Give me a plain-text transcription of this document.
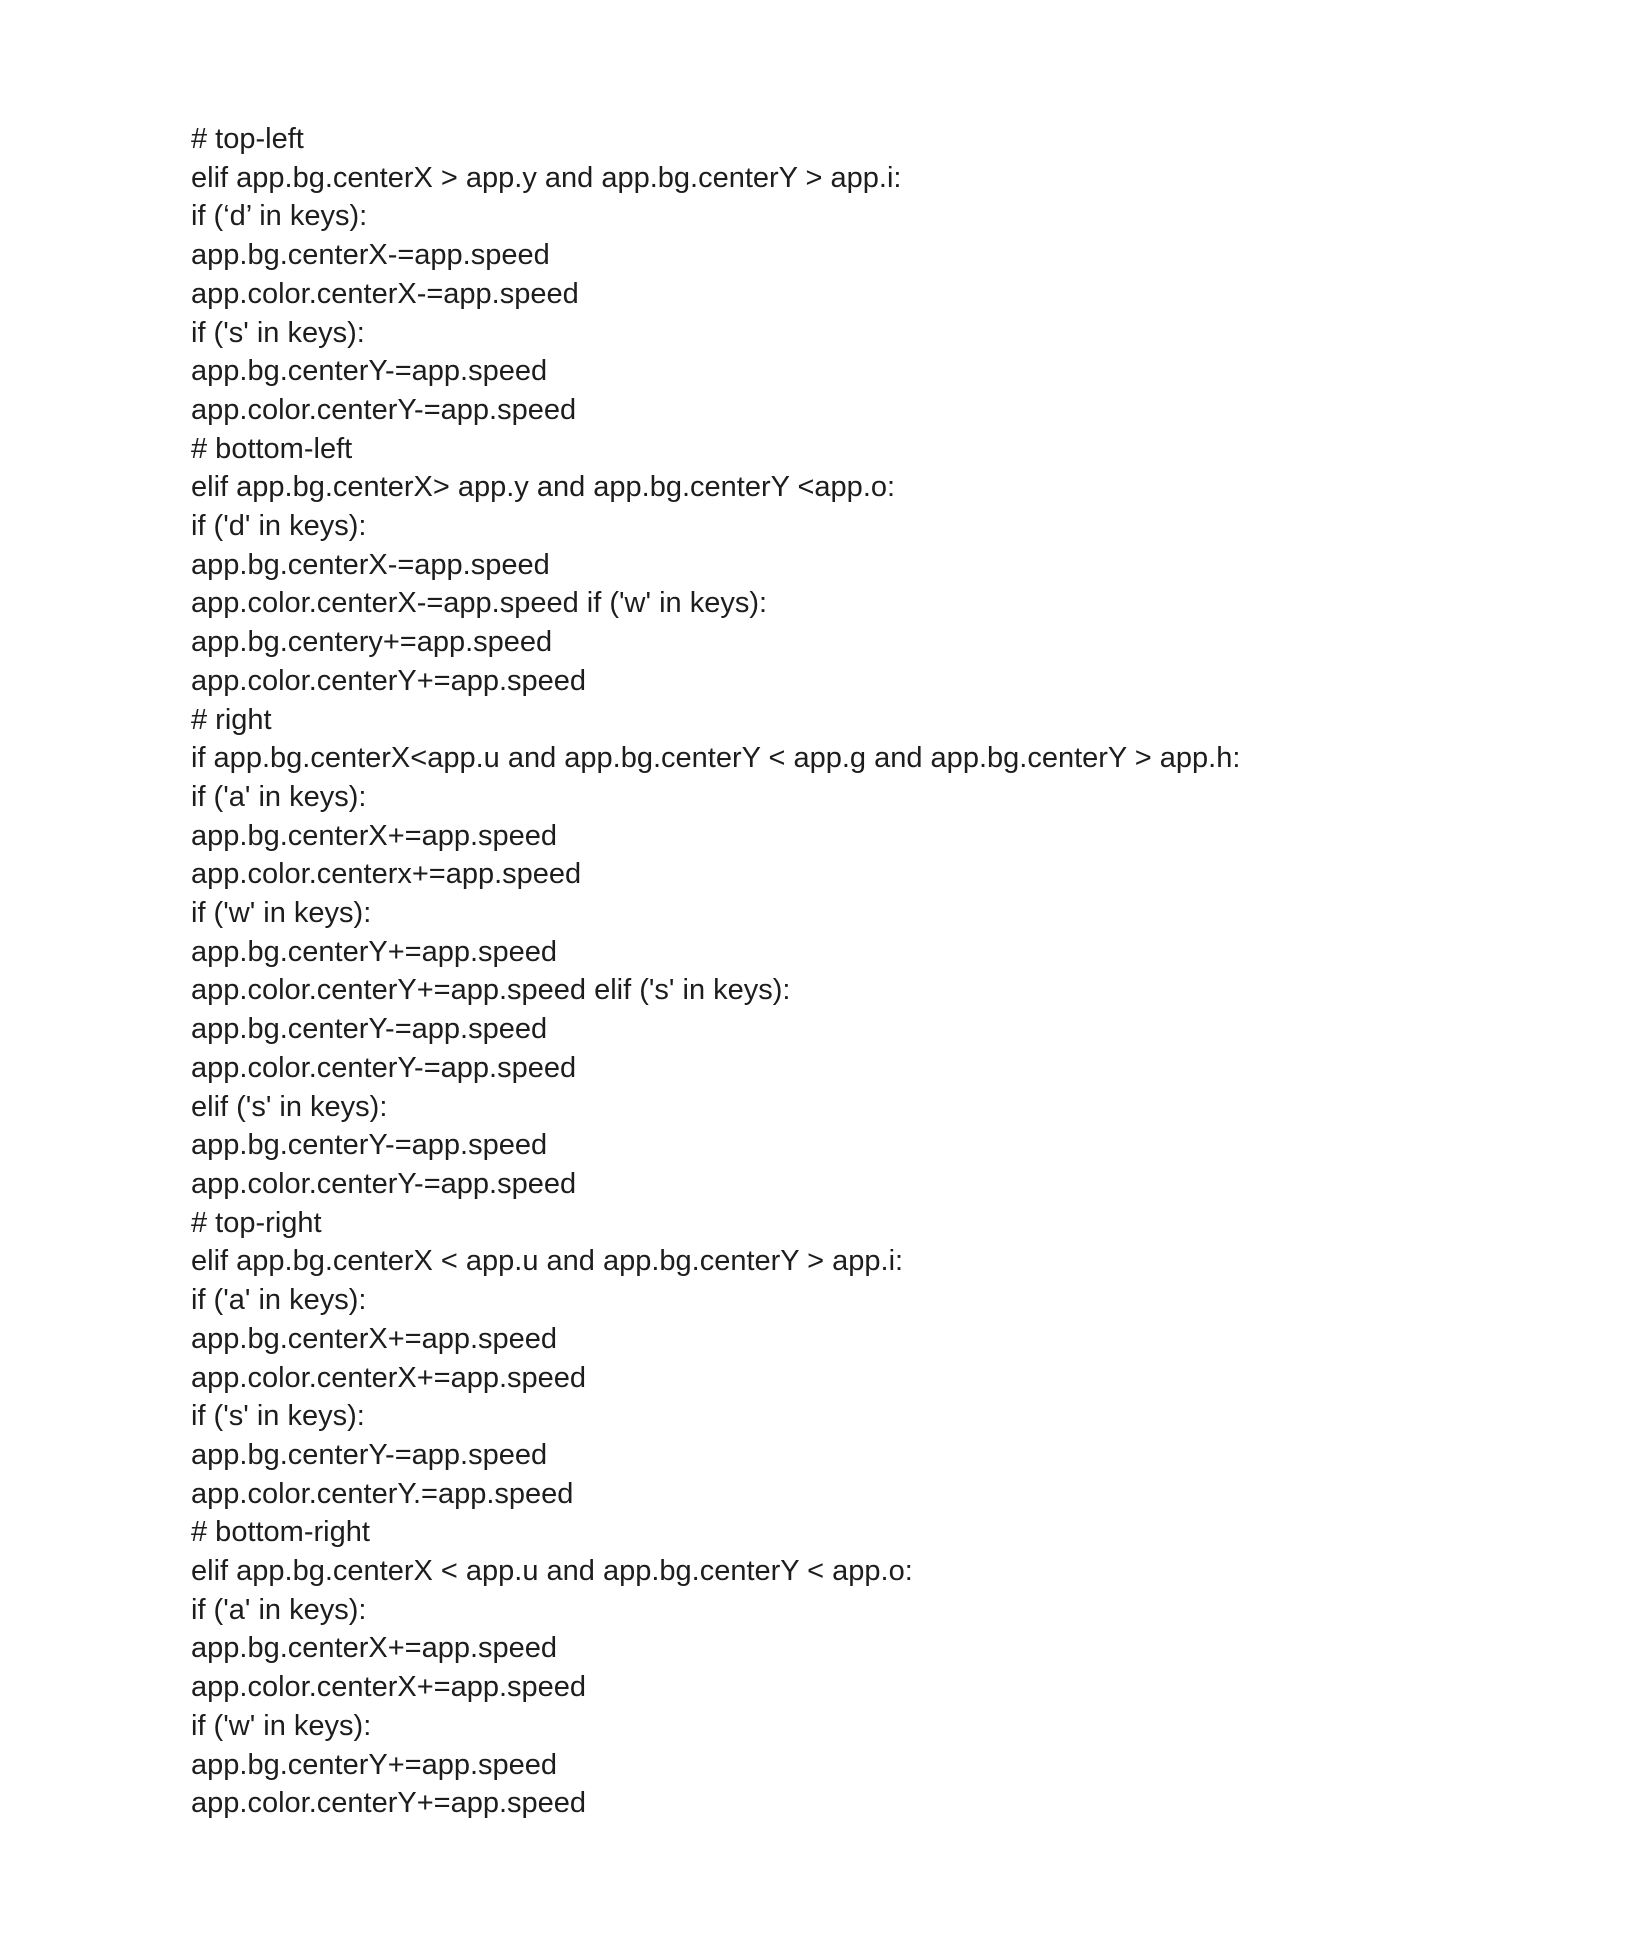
# top-left

elif app.bg.centerX > app.y and app.bg.centerY > app.i:

if (‘d’ in keys):

app.bg.centerX-=app.speed

app.color.centerX-=app.speed

if ('s' in keys):

app.bg.centerY-=app.speed

app.color.centerY-=app.speed

# bottom-left

elif app.bg.centerX> app.y and app.bg.centerY <app.o:

if ('d' in keys):

app.bg.centerX-=app.speed

app.color.centerX-=app.speed if ('w' in keys):

app.bg.centery+=app.speed

app.color.centerY+=app.speed

# right

if app.bg.centerX<app.u and app.bg.centerY < app.g and app.bg.centerY > app.h:

if ('a' in keys):

app.bg.centerX+=app.speed

app.color.centerx+=app.speed

if ('w' in keys):

app.bg.centerY+=app.speed

app.color.centerY+=app.speed elif ('s' in keys):

app.bg.centerY-=app.speed

app.color.centerY-=app.speed

elif ('s' in keys):

app.bg.centerY-=app.speed

app.color.centerY-=app.speed

# top-right

elif app.bg.centerX < app.u and app.bg.centerY > app.i:

if ('a' in keys):

app.bg.centerX+=app.speed

app.color.centerX+=app.speed

if ('s' in keys):

app.bg.centerY-=app.speed

app.color.centerY.=app.speed

# bottom-right

elif app.bg.centerX < app.u and app.bg.centerY < app.o:

if ('a' in keys):

app.bg.centerX+=app.speed

app.color.centerX+=app.speed

if ('w' in keys):

app.bg.centerY+=app.speed

app.color.centerY+=app.speed
